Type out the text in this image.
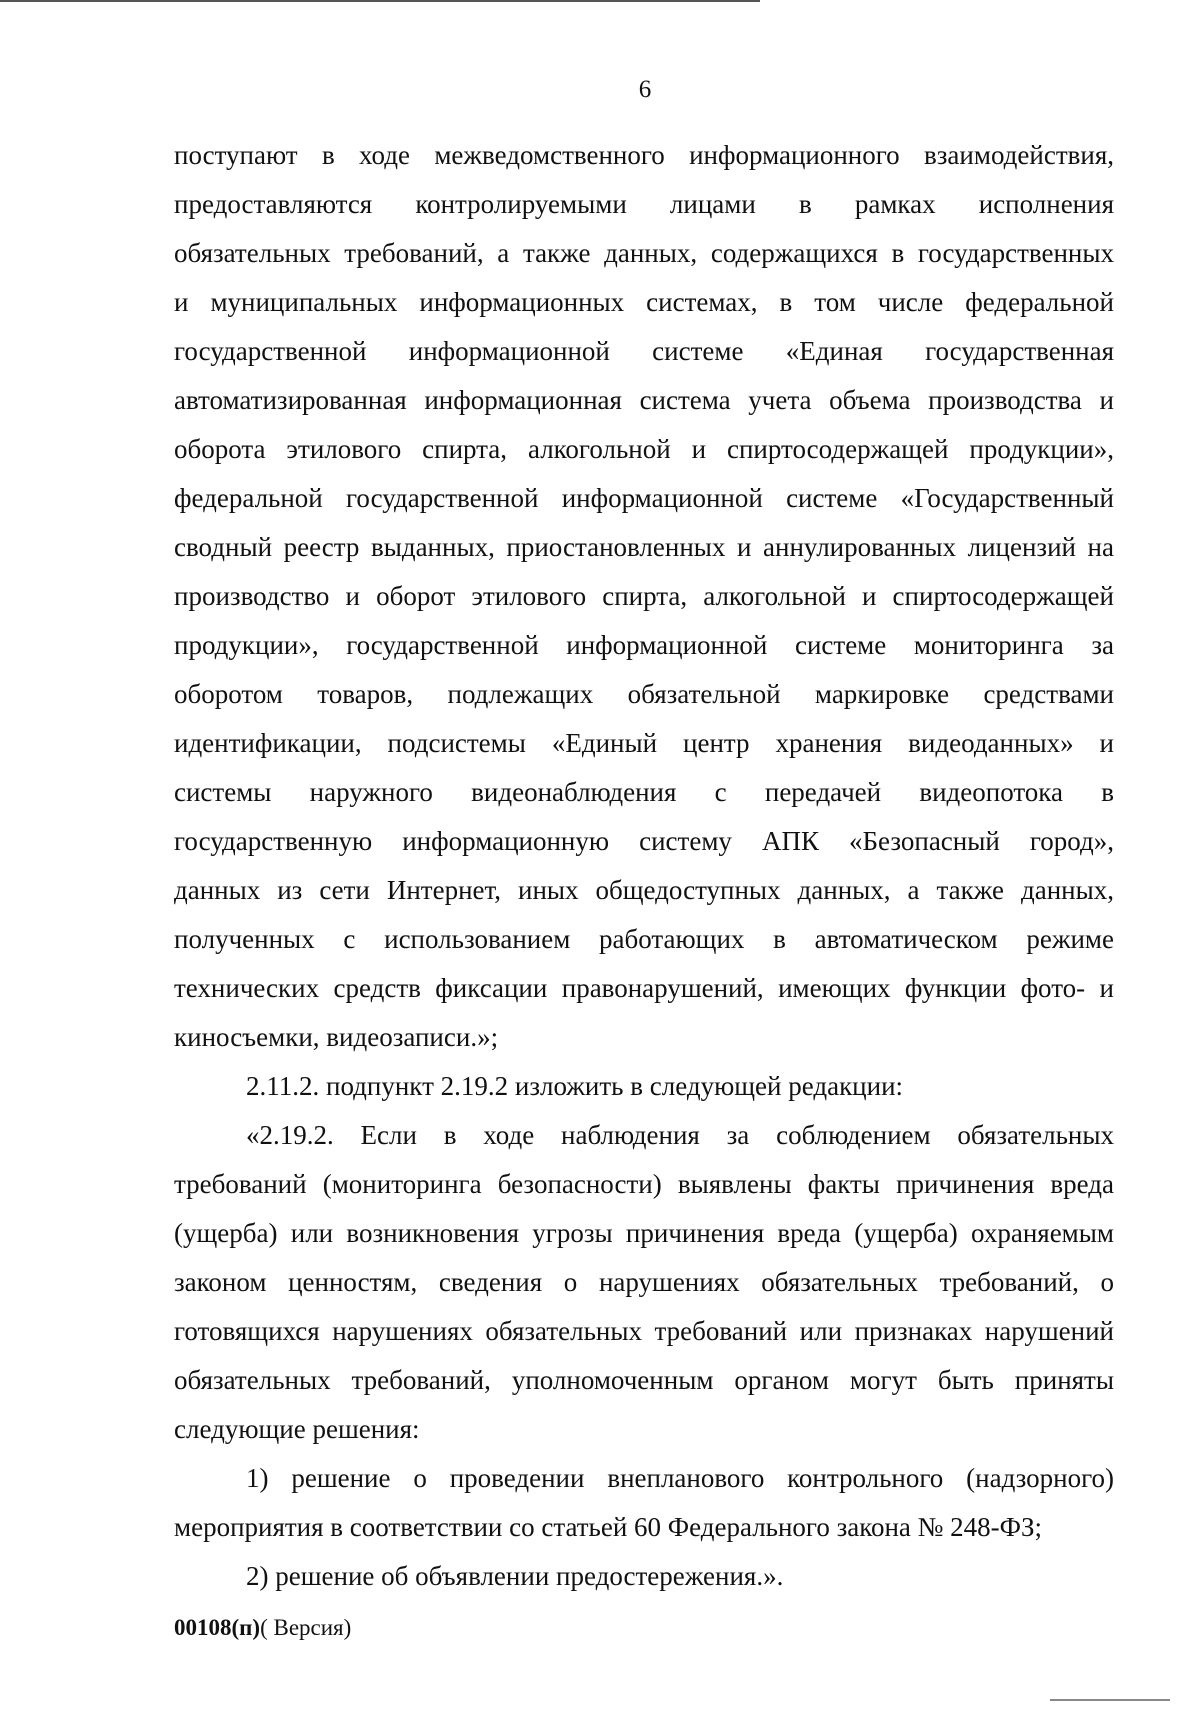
6
поступают в ходе межведомственного информационного взаимодействия,
предоставляются контролируемыми лицами в рамках исполнения
обязательных требований, а также данных, содержащихся в государственных
и муниципальных информационных системах, в том числе федеральной
государственной информационной системе «Единая государственная
автоматизированная информационная система учета объема производства и
оборота этилового спирта, алкогольной и спиртосодержащей продукции»,
федеральной государственной информационной системе «Государственный
сводный реестр выданных, приостановленных и аннулированных лицензий на
производство и оборот этилового спирта, алкогольной и спиртосодержащей
продукции», государственной информационной системе мониторинга за
оборотом товаров, подлежащих обязательной маркировке средствами
идентификации, подсистемы «Единый центр хранения видеоданных» и
системы наружного видеонаблюдения с передачей видеопотока в
государственную информационную систему АПК «Безопасный город»,
данных из сети Интернет, иных общедоступных данных, а также данных,
полученных с использованием работающих в автоматическом режиме
технических средств фиксации правонарушений, имеющих функции фото- и
киносъемки, видеозаписи.»;
2.11.2. подпункт 2.19.2 изложить в следующей редакции:
«2.19.2. Если в ходе наблюдения за соблюдением обязательных
требований (мониторинга безопасности) выявлены факты причинения вреда
(ущерба) или возникновения угрозы причинения вреда (ущерба) охраняемым
законом ценностям, сведения о нарушениях обязательных требований, о
готовящихся нарушениях обязательных требований или признаках нарушений
обязательных требований, уполномоченным органом могут быть приняты
следующие решения:
1) решение о проведении внепланового контрольного (надзорного)
мероприятия в соответствии со статьей 60 Федерального закона № 248-ФЗ;
2) решение об объявлении предостережения.».
00108(п)( Версия)
